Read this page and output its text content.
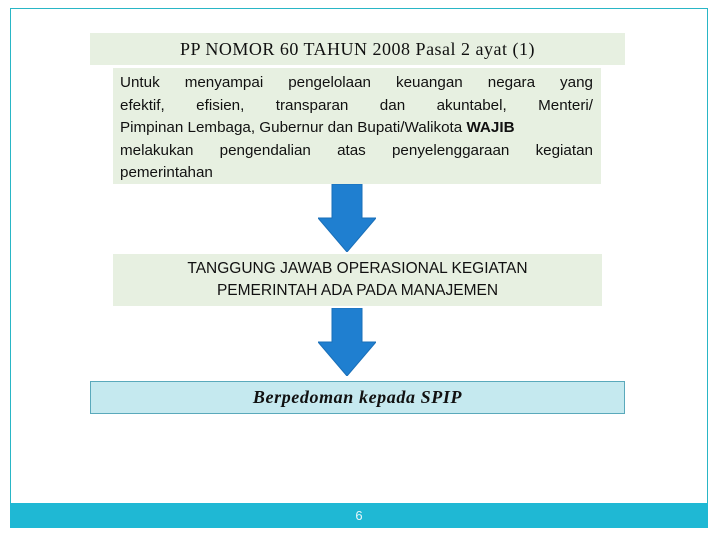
PP NOMOR 60 TAHUN 2008 Pasal 2 ayat (1)
Untuk menyampai pengelolaan keuangan negara yang
efektif, efisien, transparan dan akuntabel, Menteri/
Pimpinan Lembaga, Gubernur dan Bupati/Walikota WAJIB
melakukan pengendalian atas penyelenggaraan kegiatan
pemerintahan
TANGGUNG JAWAB OPERASIONAL KEGIATAN
PEMERINTAH ADA PADA MANAJEMEN
Berpedoman kepada SPIP
6
